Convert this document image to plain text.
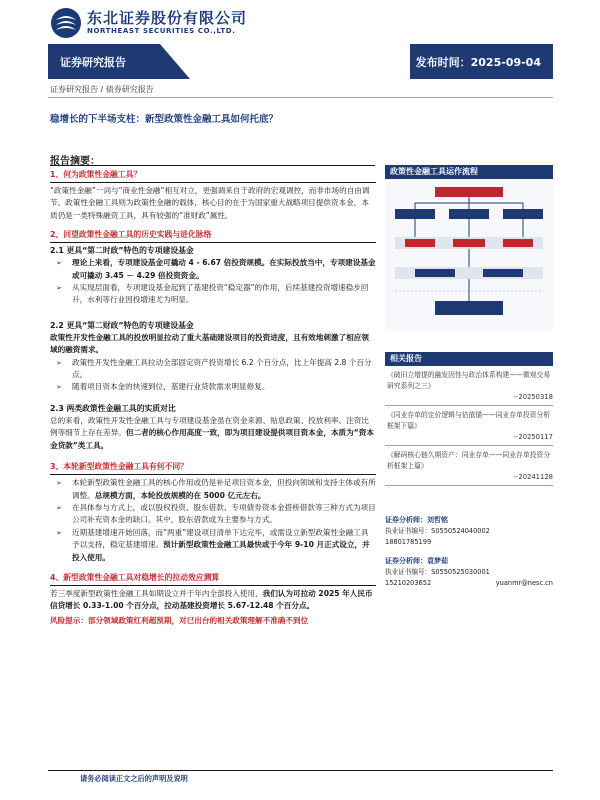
东北证券股份有限公司
NORTHEAST SECURITIES CO.,LTD.
证券研究报告	发布时间：2025-09-04
证券研究报告 / 债券研究报告
稳增长的下半场支柱：新型政策性金融工具如何托底？
报告摘要：
1、何为政策性金融工具？

“政策性金融”一词与“商业性金融”相互对立，更强调来自于政府的宏观调控，而非市场的自由调节。政策性金融工具则为政策性金融的载体，核心目的在于为国家重大战略项目提供资本金，本质仍是一类特殊融资工具，具有较强的“准财政”属性。

2、回望政策性金融工具的历史实践与进化脉络
2.1 更具“第二时政”特色的专项建设基金
➢ 理论上来看，专项建设基金可撬动 4 - 6.67 倍投资规模。在实际投放当中，专项建设基金或可撬动 3.45 － 4.29 倍投资资金。
➢ 从实现层面看，专项建设基金起到了基建投资“稳定器”的作用，后续基建投资增速稳步回升，水利等行业因投增速尤为明显。
2.2 更具“第二财政”特色的专项建设基金

政策性开发性金融工具的投放明显拉动了重大基础建设项目的投资进度，且有效地刺激了相应领域的融资需求。

➢ 政策性开发性金融工具拉动全部固定资产投资增长 6.2 个百分点，比上年提高 2.8 个百分点。
➢ 随着项目资本金的快速到位，基建行业贷款需求明显修复。
2.3 两类政策性金融工具的实质对比

总的来看，政策性开发性金融工具与专项建设基金虽在资金来源、贴息政策、投放利率、注资比例等细节上存在差异。但二者的核心作用高度一致，即为项目建设提供项目资本金，本质为“资本金贷款”类工具。

3、本轮新型政策性金融工具有何不同？
➢ 本轮新型政策性金融工具的核心作用或仍是补足项目资本金，但投向领域和支持主体或有所调整。总规模方面，本轮投放规模的在 5000 亿元左右。
➢ 在具体参与方式上，或以股权投资、股东借款、专项债券资本金搭桥借款等三种方式为项目公司补充资本金的缺口。其中，股东借款或为主要参与方式。
➢ 近期基建增速开始回落，而“两重”建设项目清单下达完毕，或需设立新型政策性金融工具予以支持，稳定基建增速。预计新型政策性金融工具最快或于今年 9-10 月正式设立，并投入使用。
4、新型政策性金融工具对稳增长的拉动效应测算

若三季度新型政策性金融工具如期设立并于年内全部投入使用，我们认为可拉动 2025 年人民币信贷增长 0.33-1.00 个百分点，拉动基建投资增长 5.67-12.48 个百分点。

风险提示：部分领域政策红利超预期，对已出台的相关政策理解不准确不到位

政策性金融工具运作流程
相关报告
《破旧立增提的融发因性与政治体系构建——微观交易研究系列之三》
--20250318
《同业存单的定价逻辑与估值锚——同业存单投资分析框架下篇》
--20250117
《解码核心链久期资产：同业存单——同业存单投资分析框架上篇》
--20241128
证券分析师：刘哲铭
执业证书编号：S0550524040002
18801785199
证券分析师：袁梦茹
执业证书编号：S0550525030001
15210203652	yuanmr@nesc.cn
请务必阅读正文之后的声明及说明
